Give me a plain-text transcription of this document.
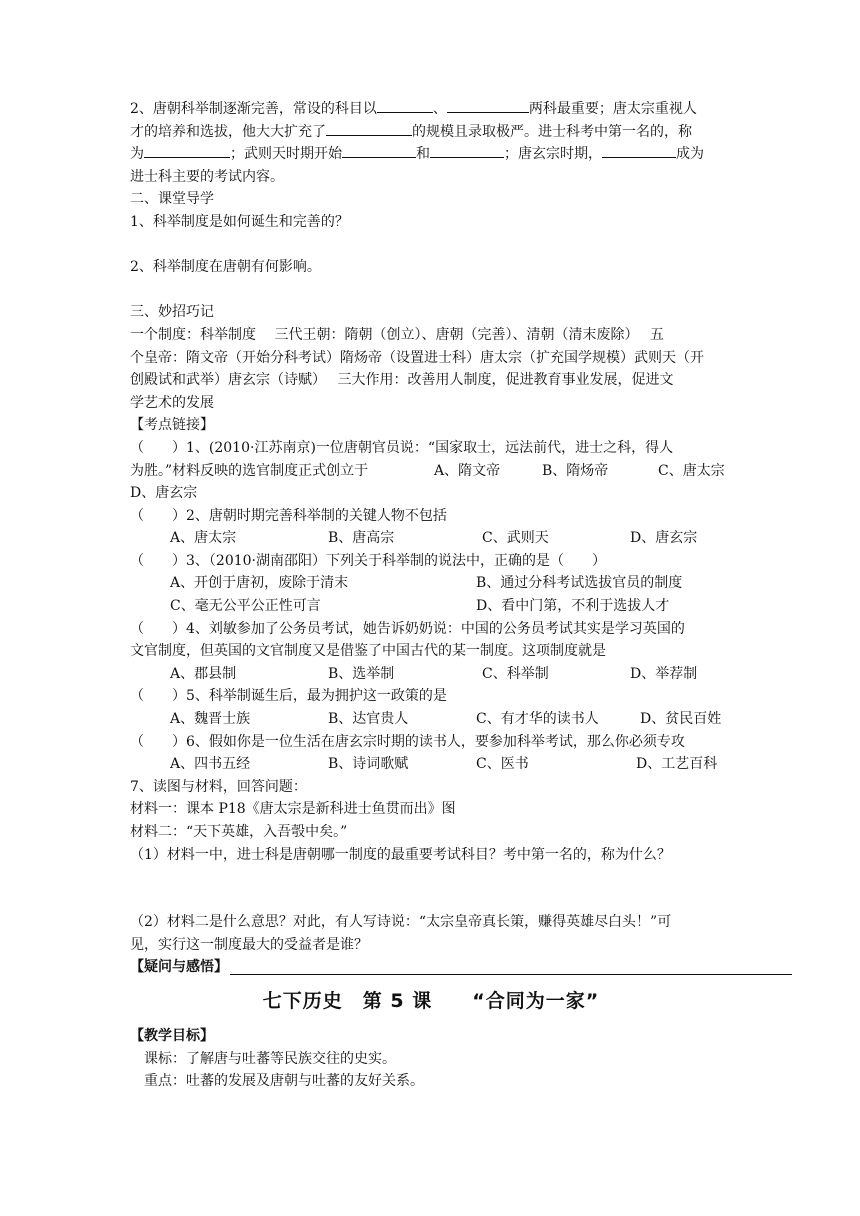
2、唐朝科举制逐渐完善，常设的科目以	、	两科最重要；唐太宗重视人

才的培养和选拔，他大大扩充了	的规模且录取极严。进士科考中第一名的，称

为	；武则天时期开始	和	；唐玄宗时期，	成为

进士科主要的考试内容。

二、课堂导学

1、科举制度是如何诞生和完善的？

2、科举制度在唐朝有何影响。

三、妙招巧记

一个制度：科举制度　 三代王朝：隋朝（创立）、唐朝（完善）、清朝（清末废除）　 五

个皇帝：隋文帝（开始分科考试）隋炀帝（设置进士科）唐太宗（扩充国学规模）武则天（开

创殿试和武举）唐玄宗（诗赋）　 三大作用：改善用人制度，促进教育事业发展，促进文

学艺术的发展

【考点链接】

（　　）1、(2010·江苏南京)一位唐朝官员说：“国家取士，远法前代，进士之科，得人

为胜。”材料反映的选官制度正式创立于	A、隋文帝	B、隋炀帝	C、唐太宗

D、唐玄宗

（　　）2、唐朝时期完善科举制的关键人物不包括

A、唐太宗	B、唐高宗	C、武则天	D、唐玄宗

（　　）3、（2010·湖南邵阳）下列关于科举制的说法中，正确的是（　　）

A、开创于唐初，废除于清末	B、通过分科考试选拔官员的制度
C、毫无公平公正性可言	D、看中门第，不利于选拔人才

（　　）4、刘敏参加了公务员考试，她告诉奶奶说：中国的公务员考试其实是学习英国的

文官制度，但英国的文官制度又是借鉴了中国古代的某一制度。这项制度就是

A、郡县制	B、选举制	C、科举制	D、举荐制

（　　）5、科举制诞生后，最为拥护这一政策的是

A、魏晋士族	B、达官贵人	C、有才华的读书人	D、贫民百姓

（　　）6、假如你是一位生活在唐玄宗时期的读书人，要参加科举考试，那么你必须专攻

A、四书五经	B、诗词歌赋	C、医书	D、工艺百科

7、读图与材料，回答问题：

材料一：课本 P18《唐太宗是新科进士鱼贯而出》图

材料二：“天下英雄，入吾彀中矣。”

（1）材料一中，进士科是唐朝哪一制度的最重要考试科目？考中第一名的，称为什么？

（2）材料二是什么意思？对此，有人写诗说：“太宗皇帝真长策，赚得英雄尽白头！”可

见，实行这一制度最大的受益者是谁？

【疑问与感悟】
七下历史　第 5 课　　“合同为一家”

【教学目标】

课标：了解唐与吐蕃等民族交往的史实。

重点：吐蕃的发展及唐朝与吐蕃的友好关系。
